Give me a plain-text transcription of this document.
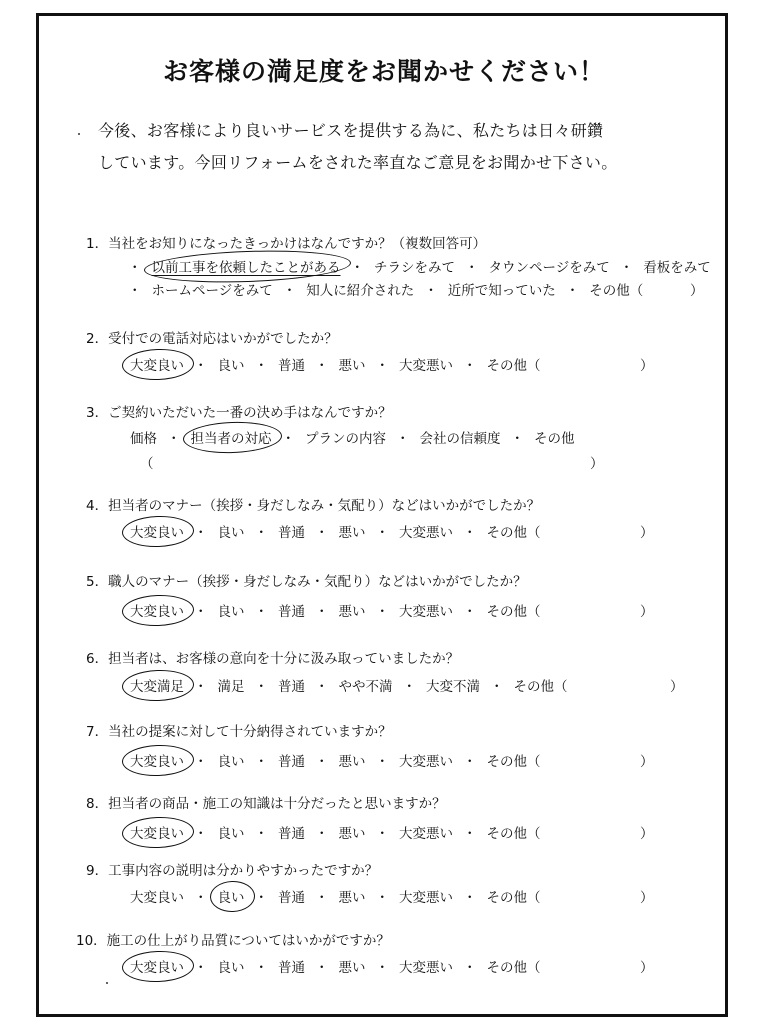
お客様の満足度をお聞かせください！
今後、お客様により良いサービスを提供する為に、私たちは日々研鑽
しています。今回リフォームをされた率直なご意見をお聞かせ下さい。
1．当社をお知りになったきっかけはなんですか？（複数回答可）
・ 以前工事を依頼したことがある ・ チラシをみて ・ タウンページをみて ・ 看板をみて
・ ホームページをみて ・ 知人に紹介された ・ 近所で知っていた ・ その他（	）
2．受付での電話対応はいかがでしたか？
大変良い ・ 良い ・ 普通 ・ 悪い ・ 大変悪い ・ その他（	）
3．ご契約いただいた一番の決め手はなんですか？
価格 ・ 担当者の対応 ・ プランの内容 ・ 会社の信頼度 ・ その他
（	）
4．担当者のマナー（挨拶・身だしなみ・気配り）などはいかがでしたか？
大変良い ・ 良い ・ 普通 ・ 悪い ・ 大変悪い ・ その他（	）
5．職人のマナー（挨拶・身だしなみ・気配り）などはいかがでしたか？
大変良い ・ 良い ・ 普通 ・ 悪い ・ 大変悪い ・ その他（	）
6．担当者は、お客様の意向を十分に汲み取っていましたか？
大変満足 ・ 満足 ・ 普通 ・ やや不満 ・ 大変不満 ・ その他（	）
7．当社の提案に対して十分納得されていますか？
大変良い ・ 良い ・ 普通 ・ 悪い ・ 大変悪い ・ その他（	）
8．担当者の商品・施工の知識は十分だったと思いますか？
大変良い ・ 良い ・ 普通 ・ 悪い ・ 大変悪い ・ その他（	）
9．工事内容の説明は分かりやすかったですか？
大変良い ・ 良い ・ 普通 ・ 悪い ・ 大変悪い ・ その他（	）
10．施工の仕上がり品質についてはいかがですか？
大変良い ・ 良い ・ 普通 ・ 悪い ・ 大変悪い ・ その他（	）
